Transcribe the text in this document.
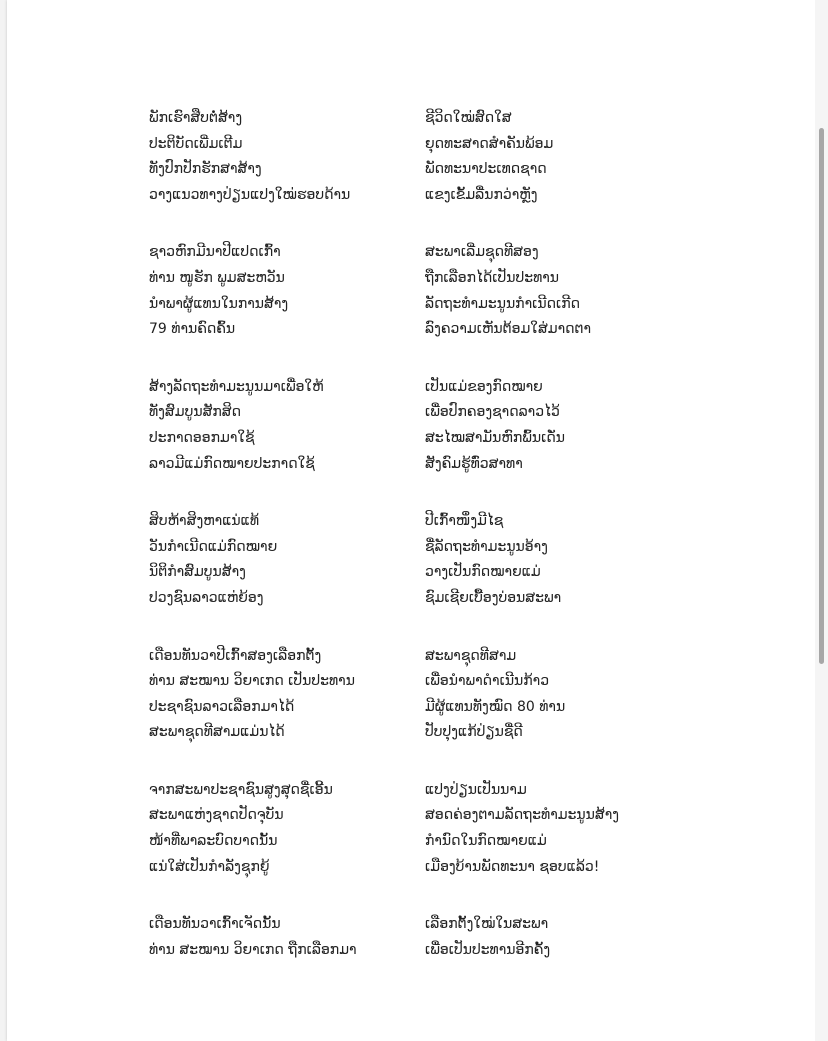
ພັກເຮົາສືບຕໍ່ສ້າງ
ປະຕິບັດເພີ່ມເຕີມ
ທັງປົກປັກຮັກສາສ້າງ
ວາງແນວທາງປ່ຽນແປງໃໝ່ຮອບດ້ານ
ຊີວິດໃໝ່ສົດໃສ
ຍຸດທະສາດສຳຄັນພ້ອມ
ພັດທະນາປະເທດຊາດ
ແຂງເຂັ້ມລື່ນກວ່າຫຼັງ
ຊາວຫົກມີນາປີແປດເກົ້າ
ທ່ານ ໜູຮັກ ພູມສະຫວັນ
ນຳພາຜູ້ແທນໃນການສ້າງ
79 ທ່ານຄົດຄົ້ນ
ສະພາເລີ່ມຊຸດທີສອງ
ຖືກເລືອກໄດ້ເປັນປະທານ
ລັດຖະທຳມະນູນກຳເນີດເກີດ
ລົງຄວາມເຫັນຕ້ອມໃສ່ມາດຕາ
ສ້າງລັດຖະທຳມະນູນມາເພື່ອໃຫ້
ທັງສົມບູນສັກສິດ
ປະກາດອອກມາໃຊ້
ລາວມີແມ່ກົດໝາຍປະກາດໃຊ້
ເປັນແມ່ຂອງກົດໝາຍ
ເພື່ອປົກຄອງຊາດລາວໄວ້
ສະໄໝສາມັນຫົກພົ້ນເດັ່ນ
ສັງຄົມຮູ້ທົ່ວສາທາ
ສິບຫ້າສິງຫາແນ່ແທ້
ວັນກຳເນີດແມ່ກົດໝາຍ
ນິຕິກຳສົມບູນສ້າງ
ປວງຊົນລາວແຫ່ຍ້ອງ
ປີເກົ້າໜຶ່ງມີໄຊ
ຊື່ລັດຖະທຳມະນູນອ້າງ
ວາງເປັນກົດໝາຍແມ່
ຊົມເຊີຍເບື້ອງບ່ອນສະພາ
ເດືອນທັນວາປີເກົ້າສອງເລືອກຕັ້ງ
ທ່ານ ສະໝານ ວິຍາເກດ ເປັນປະທານ
ປະຊາຊົນລາວເລືອກມາໄດ້
ສະພາຊຸດທີສາມແມ່ນໄດ້
ສະພາຊຸດທີສາມ
ເພື່ອນຳພາດຳເນີນກ້າວ
ມີຜູ້ແທນທັງໝົດ 80 ທ່ານ
ປັບປຸງແກ້ປ່ຽນຊື່ດີ
ຈາກສະພາປະຊາຊົນສູງສຸດຊື່ເອີ້ນ
ສະພາແຫ່ງຊາດປັດຈຸບັນ
ໜ້າທີ່ພາລະບົດບາດນັ້ນ
ແນ່ໃສ່ເປັນກຳລັງຊຸກຍູ້
ແປງປ່ຽນເປັນນາມ
ສອດຄ່ອງຕາມລັດຖະທຳມະນູນສ້າງ
ກຳນົດໃນກົດໝາຍແມ່
ເມືອງບ້ານພັດທະນາ ຊອບແລ້ວ!
ເດືອນທັນວາເກົ້າເຈັດນັ້ນ
ທ່ານ ສະໝານ ວິຍາເກດ ຖືກເລືອກມາ
ເລືອກຕັ້ງໃໝ່ໃນສະພາ
ເພື່ອເປັນປະທານອີກຄັ້ງ
